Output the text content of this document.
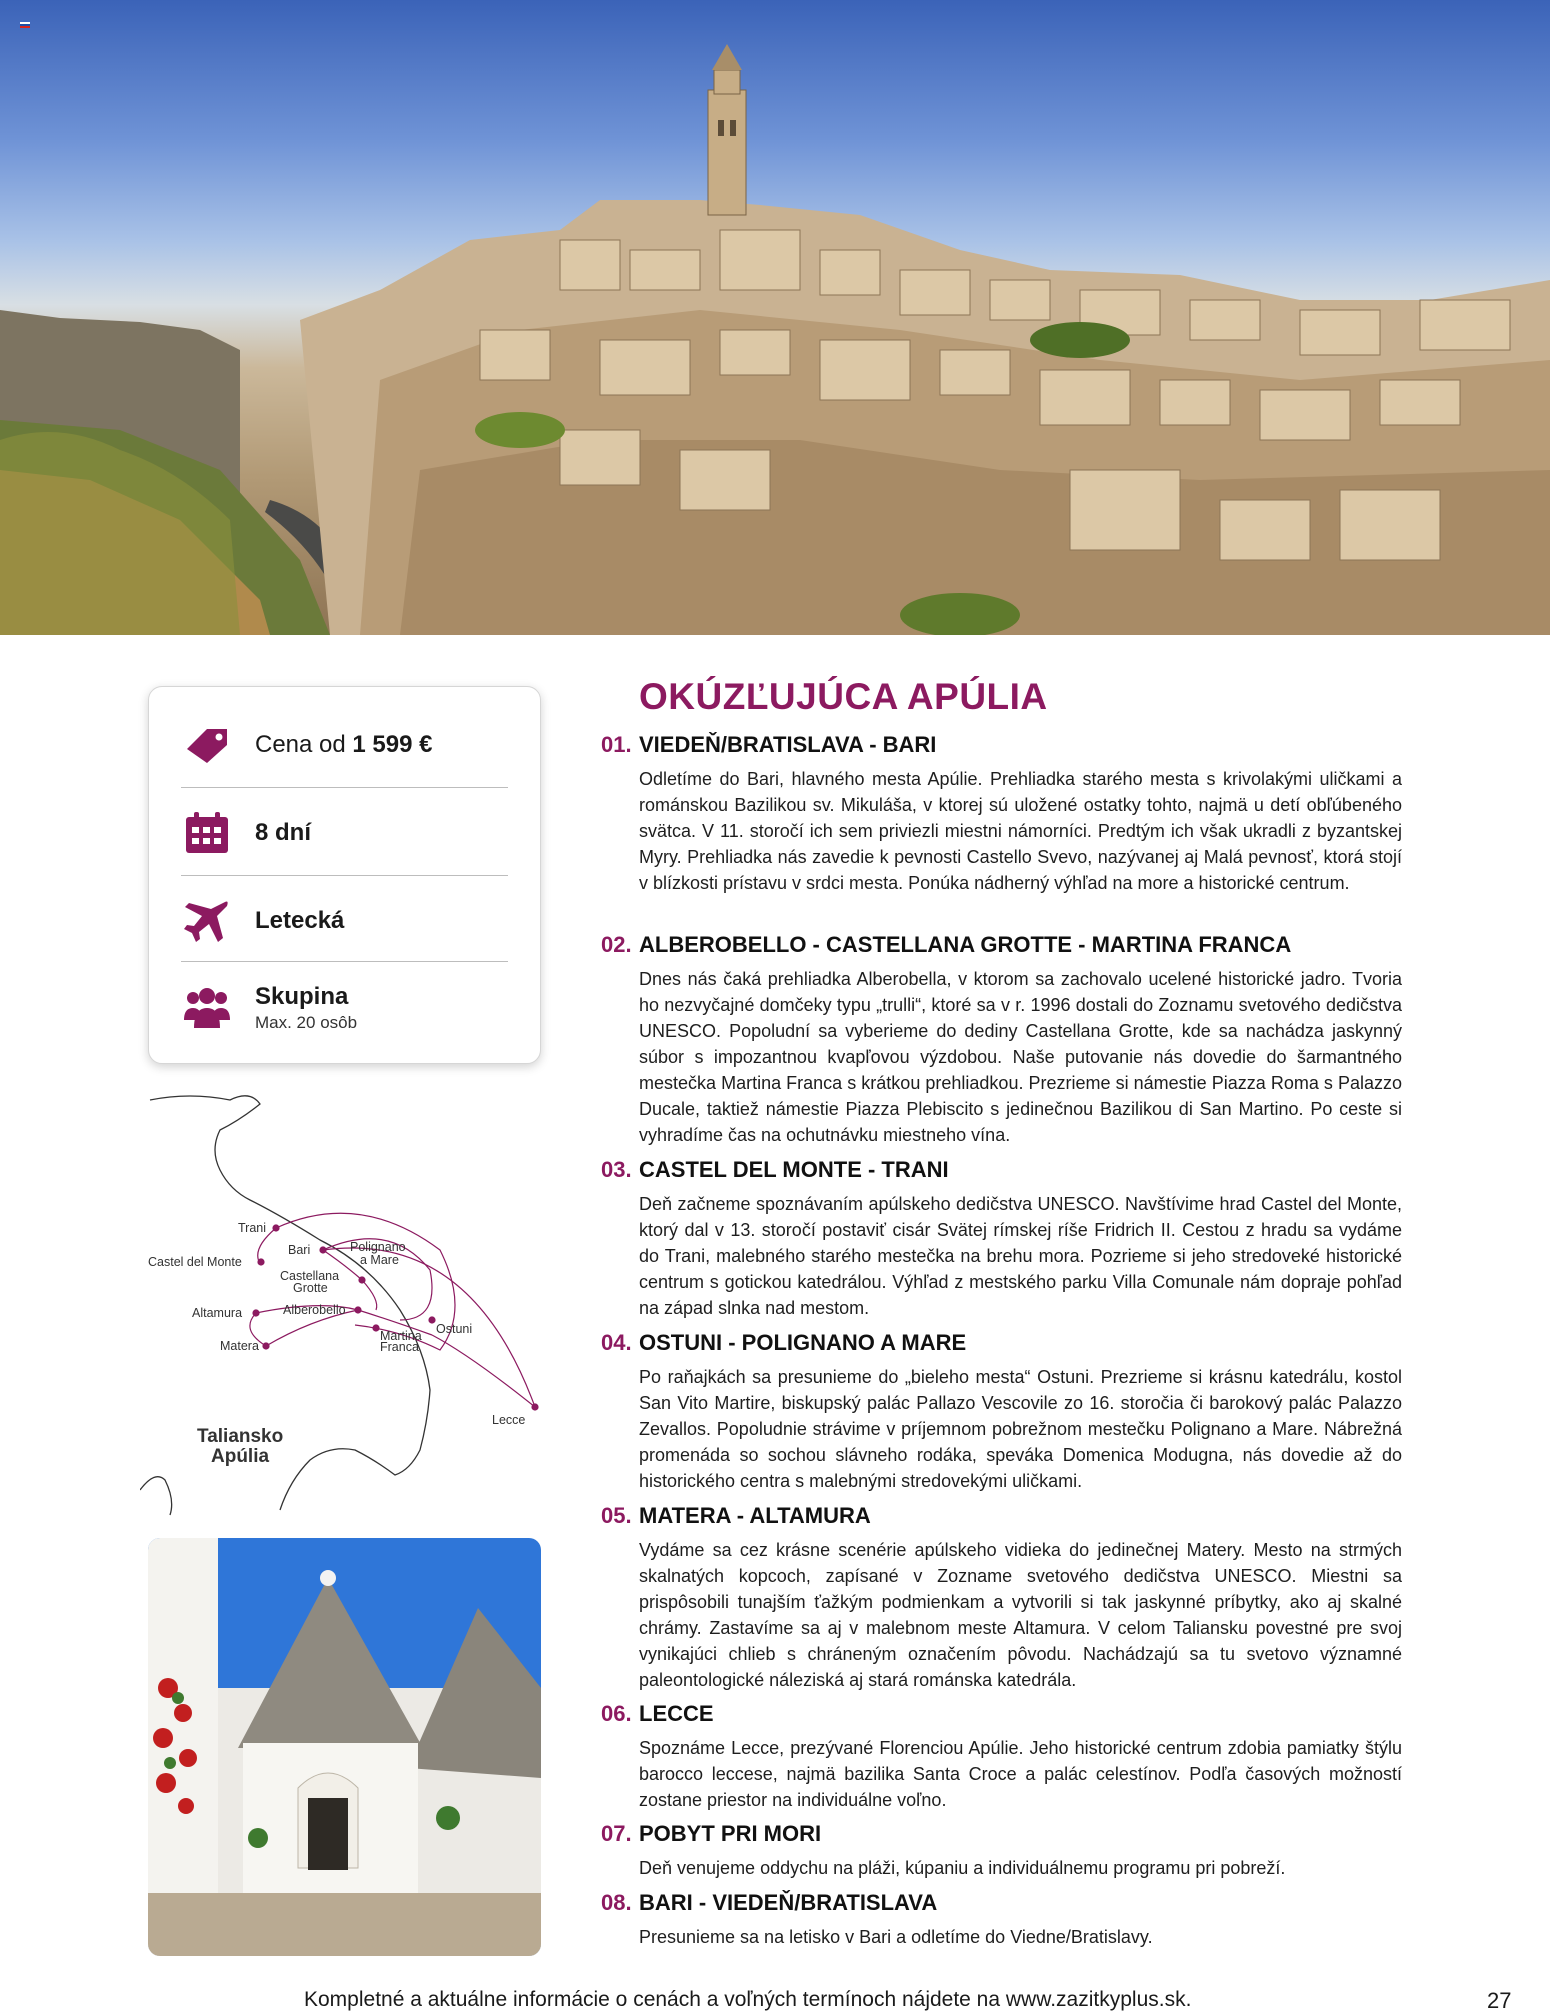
Cena od 1 599 €
8 dní
Letecká
Skupina
Max. 20 osôb
Trani
Bari	Polignano
a Mare
Castel del Monte
Castellana
Grotte
Altamura	Alberobello
Matera
Ostuni
Martina
Franca
Lecce
Taliansko
Apúlia
OKÚZĽUJÚCA APÚLIA
01. VIEDEŇ/BRATISLAVA - BARI
Odletíme do Bari, hlavného mesta Apúlie. Prehliadka starého mesta s krivolakými uličkami a románskou Bazilikou sv. Mikuláša, v ktorej sú uložené ostatky tohto, najmä u detí obľúbeného svätca. V 11. storočí ich sem priviezli miestni námorníci. Predtým ich však ukradli z byzantskej Myry. Prehliadka nás zavedie k pevnosti Castello Svevo, nazývanej aj Malá pevnosť, ktorá stojí v blízkosti prístavu v srdci mesta. Ponúka nádherný výhľad na more a historické centrum.
02. ALBEROBELLO - CASTELLANA GROTTE - MARTINA FRANCA
Dnes nás čaká prehliadka Alberobella, v ktorom sa zachovalo ucelené historické jadro. Tvoria ho nezvyčajné domčeky typu „trulli“, ktoré sa v r. 1996 dostali do Zoznamu svetového dedičstva UNESCO. Popoludní sa vyberieme do dediny Castellana Grotte, kde sa nachádza jaskynný súbor s impozantnou kvapľovou výzdobou. Naše putovanie nás dovedie do šarmantného mestečka Martina Franca s krátkou prehliadkou. Prezrieme si námestie Piazza Roma s Palazzo Ducale, taktiež námestie Piazza Plebiscito s jedinečnou Bazilikou di San Martino. Po ceste si vyhradíme čas na ochutnávku miestneho vína.
03. CASTEL DEL MONTE - TRANI
Deň začneme spoznávaním apúlskeho dedičstva UNESCO. Navštívime hrad Castel del Monte, ktorý dal v 13. storočí postaviť cisár Svätej rímskej ríše Fridrich II. Cestou z hradu sa vydáme do Trani, malebného starého mestečka na brehu mora. Pozrieme si jeho stredoveké historické centrum s gotickou katedrálou. Výhľad z mestského parku Villa Comunale nám dopraje pohľad na západ slnka nad mestom.
04. OSTUNI - POLIGNANO A MARE
Po raňajkách sa presunieme do „bieleho mesta“ Ostuni. Prezrieme si krásnu katedrálu, kostol San Vito Martire, biskupský palác Pallazo Vescovile zo 16. storočia či barokový palác Palazzo Zevallos. Popoludnie strávime v príjemnom pobrežnom mestečku Polignano a Mare. Nábrežná promenáda so sochou slávneho rodáka, speváka Domenica Modugna, nás dovedie až do historického centra s malebnými stredovekými uličkami.
05. MATERA - ALTAMURA
Vydáme sa cez krásne scenérie apúlskeho vidieka do jedinečnej Matery. Mesto na strmých skalnatých kopcoch, zapísané v Zozname svetového dedičstva UNESCO. Miestni sa prispôsobili tunajším ťažkým podmienkam a vytvorili si tak jaskynné príbytky, ako aj skalné chrámy. Zastavíme sa aj v malebnom meste Altamura. V celom Taliansku povestné pre svoj vynikajúci chlieb s chráneným označením pôvodu. Nachádzajú sa tu svetovo významné paleontologické náleziská aj stará románska katedrála.
06. LECCE
Spoznáme Lecce, prezývané Florenciou Apúlie. Jeho historické centrum zdobia pamiatky štýlu barocco leccese, najmä bazilika Santa Croce a palác celestínov. Podľa časových možností zostane priestor na individuálne voľno.
07. POBYT PRI MORI
Deň venujeme oddychu na pláži, kúpaniu a individuálnemu programu pri pobreží.
08. BARI - VIEDEŇ/BRATISLAVA
Presunieme sa na letisko v Bari a odletíme do Viedne/Bratislavy.
Kompletné a aktuálne informácie o cenách a voľných termínoch nájdete na www.zazitkyplus.sk.	27
